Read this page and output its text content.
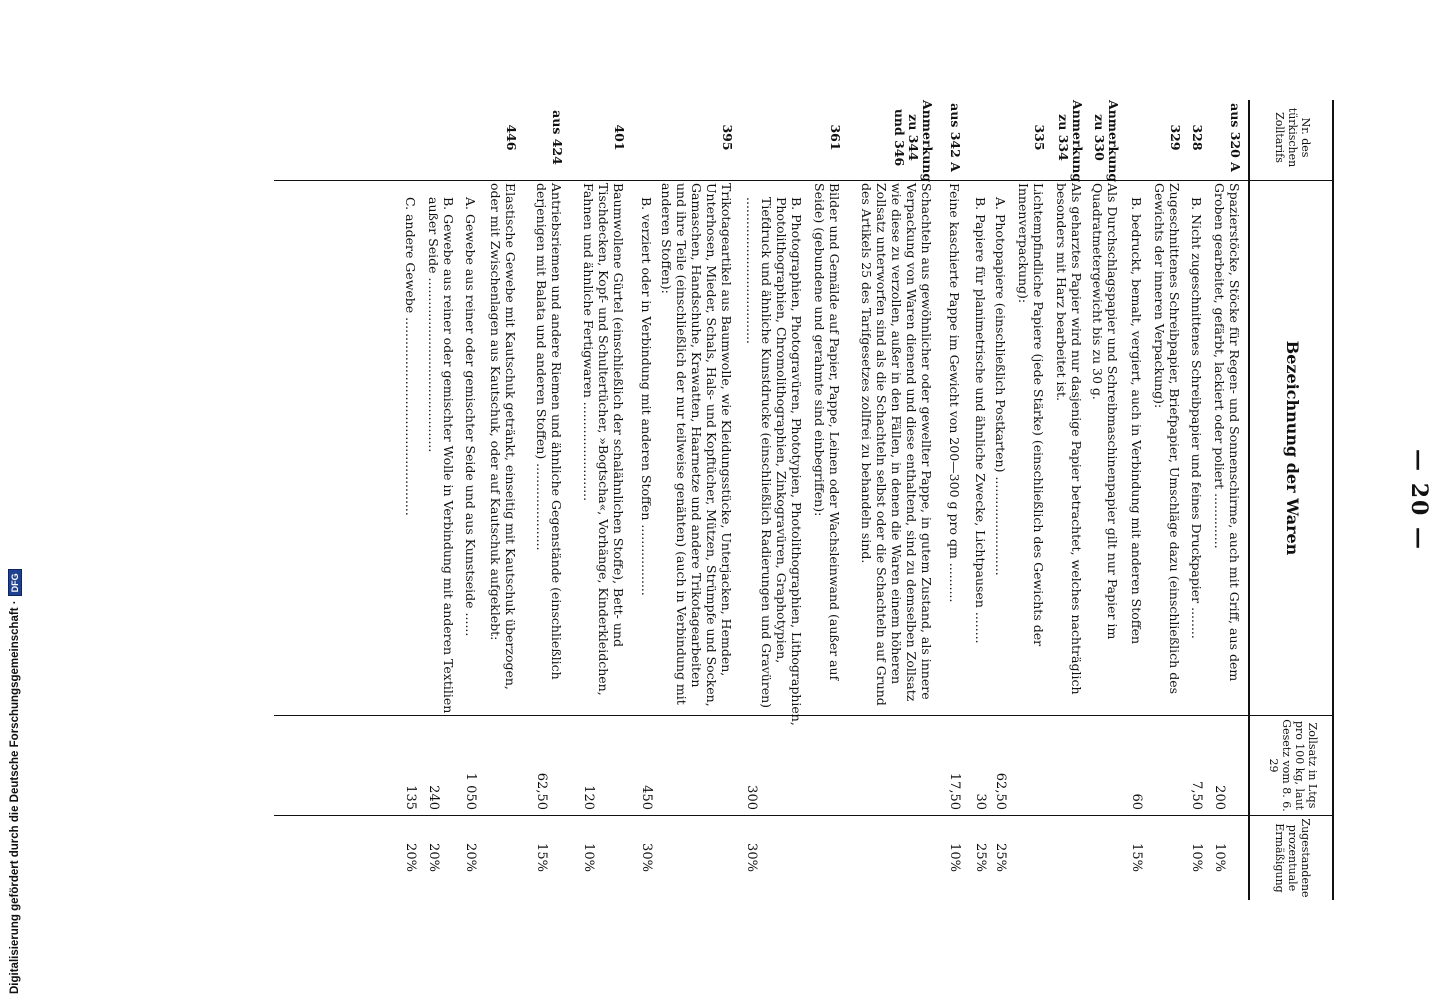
— 20 —
Nr. des türkischen Zolltarifs
Bezeichnung der Waren
Zollsatz in Ltqs pro 100 kg, laut Gesetz vom 8. 6. 29
Zugestandene prozentuale Ermäßigung
aus 320 A
Spazierstöcke, Stöcke für Regen- und Sonnenschirme, auch mit Griff, aus dem Groben gearbeitet, gefärbt, lackiert oder poliert ..............
200
10%
328
B. Nicht zugeschnittenes Schreibpapier und feines Druckpapier ........
7,50
10%
329
Zugeschnittenes Schreibpapier, Briefpapier, Umschläge dazu (einschließlich des Gewichts der inneren Verpackung):
B. bedruckt, bemalt, vergiert, auch in Verbindung mit anderen Stoffen
60
15%
Anmerkung zu 330
Als Durchschlagspapier und Schreibmaschinenpapier gilt nur Papier im Quadratmetergewicht bis zu 30 g.
Anmerkung zu 334
Als geharztes Papier wird nur dasjenige Papier betrachtet, welches nachträglich besonders mit Harz bearbeitet ist.
335
Lichtempfindliche Papiere (jede Stärke) (einschließlich des Gewichts der Innenverpackung):
A. Photopapiere (einschließlich Postkarten) .........................
62,50
25%
B. Papiere für planimetrische und ähnliche Zwecke, Lichtpausen ........
30
25%
aus 342 A
Feine kaschierte Pappe im Gewicht von 200—300 g pro qm ..........
17,50
10%
Anmerkung zu 344 und 346
Schachteln aus gewöhnlicher oder gewellter Pappe, in gutem Zustand, als innere Verpackung von Waren dienend und diese enthaltend, sind zu demselben Zollsatz wie diese zu verzollen, außer in den Fällen, in denen die Waren einem höheren Zollsatz unterworfen sind als die Schachteln selbst oder die Schachteln auf Grund des Artikels 25 des Tarifgesetzes zollfrei zu behandeln sind.
361
Bilder und Gemälde auf Papier, Pappe, Leinen oder Wachsleinwand (außer auf Seide) (gebundene und gerahmte sind einbegriffen):
B. Photographien, Photogravüren, Phototypien, Photolithographien, Lithographien, Photolithographien, Chromolithographien, Zinkogravüren, Graphotypien, Tiefdruck und ähnliche Kunstdrucke (einschließlich Radierungen und Gravüren) .....................................
300
30%
395
Trikotageartikel aus Baumwolle, wie Kleidungsstücke, Unterjacken, Hemden, Unterhosen, Mieder, Schals, Hals- und Kopftücher, Mützen, Strümpfe und Socken, Gamaschen, Handschuhe, Krawatten, Haarnetze und andere Trikotagearbeiten und ihre Teile (einschließlich der nur teilweise genähten) (auch in Verbindung mit anderen Stoffen):
B. verziert oder in Verbindung mit anderen Stoffen ..................
450
30%
401
Baumwollene Gürtel (einschließlich der schalähnlichen Stoffe), Bett- und Tischdecken, Kopf- und Schultertücher, »Bogtscha«, Vorhänge, Kinderkleidchen, Fahnen und ähnliche Fertigwaren .........................
120
10%
aus 424
Antriebsriemen und andere Riemen und ähnliche Gegenstände (einschließlich derjenigen mit Balata und anderen Stoffen) ......................
62,50
15%
446
Elastische Gewebe mit Kautschuk getränkt, einseitig mit Kautschuk überzogen, oder mit Zwischenlagen aus Kautschuk, oder auf Kautschuk aufgeklebt:
A. Gewebe aus reiner oder gemischter Seide und aus Kunstseide ......
1 050
20%
B. Gewebe aus reiner oder gemischter Wolle in Verbindung mit anderen Textilien außer Seide ............................................
240
20%
C. andere Gewebe ..................................................
135
20%
Digitalisierung gefördert durch die Deutsche Forschungsgemeinschaft ·
DFG
